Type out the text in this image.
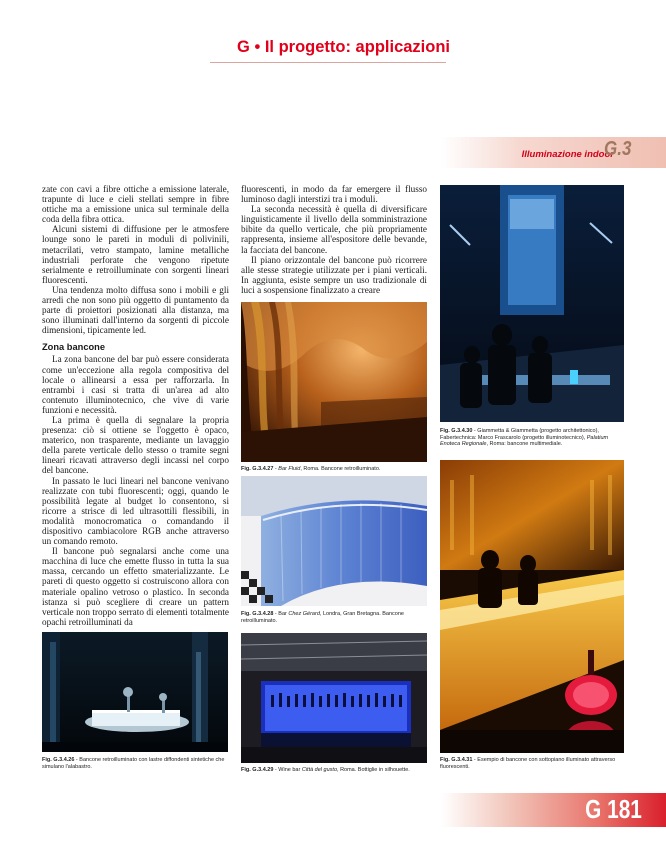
G • Il progetto: applicazioni
Illuminazione indoor
G.3

zate con cavi a fibre ottiche a emissione laterale, trapunte di luce e cieli stellati sempre in fibre ottiche ma a emissione unica sul terminale della coda della fibra ottica.

Alcuni sistemi di diffusione per le atmosfere lounge sono le pareti in moduli di polivinili, metacrilati, vetro stampato, lamine metalliche industriali perforate che vengono ripetute serialmente e retroilluminate con sorgenti lineari fluorescenti.

Una tendenza molto diffusa sono i mobili e gli arredi che non sono più oggetto di puntamento da parte di proiettori posizionati alla distanza, ma sono illuminati dall'interno da sorgenti di piccole dimensioni, tipicamente led.

Zona bancone

La zona bancone del bar può essere considerata come un'eccezione alla regola compositiva del locale o allinearsi a essa per rafforzarla. In entrambi i casi si tratta di un'area ad alto contenuto illuminotecnico, che vive di varie funzioni e necessità.

La prima è quella di segnalare la propria presenza: ciò si ottiene se l'oggetto è opaco, materico, non trasparente, mediante un lavaggio della parete verticale dello stesso o tramite segni lineari ricavati attraverso degli incassi nel corpo del bancone.

In passato le luci lineari nel bancone venivano realizzate con tubi fluorescenti; oggi, quando le possibilità legate al budget lo consentono, si ricorre a strisce di led ultrasottili flessibili, in modalità monocromatica o comandando il dispositivo cambiacolore RGB anche attraverso un comando remoto.

Il bancone può segnalarsi anche come una macchina di luce che emette flusso in tutta la sua massa, cercando un effetto smaterializzante. Le pareti di questo oggetto si costruiscono allora con materiale opalino vetroso o plastico. In seconda istanza si può scegliere di creare un pattern verticale non troppo serrato di elementi totalmente opachi retroilluminati da

fluorescenti, in modo da far emergere il flusso luminoso dagli interstizi tra i moduli.

La seconda necessità è quella di diversificare linguisticamente il livello della somministrazione bibite da quello verticale, che più propriamente rappresenta, insieme all'espositore delle bevande, la facciata del bancone.

Il piano orizzontale del bancone può ricorrere alle stesse strategie utilizzate per i piani verticali. In aggiunta, esiste sempre un uso tradizionale di luci a sospensione finalizzato a creare

Fig. G.3.4.26 - Bancone retroilluminato con lastre diffondenti sintetiche che simulano l'alabastro.
Fig. G.3.4.27 - Bar Fluid, Roma. Bancone retroilluminato.
Fig. G.3.4.28 - Bar Chez Gérard, Londra, Gran Bretagna. Bancone retroilluminato.
Fig. G.3.4.29 - Wine bar Città del gusto, Roma. Bottiglie in silhouette.
Fig. G.3.4.30 - Giammetta & Giammetta (progetto architettonico), Fabertechnica: Marco Frascarolo (progetto illuminotecnico), Palatium Enoteca Regionale, Roma: bancone multimediale.
Fig. G.3.4.31 - Esempio di bancone con sottopiano illuminato attraverso fluorescenti.
G 181
